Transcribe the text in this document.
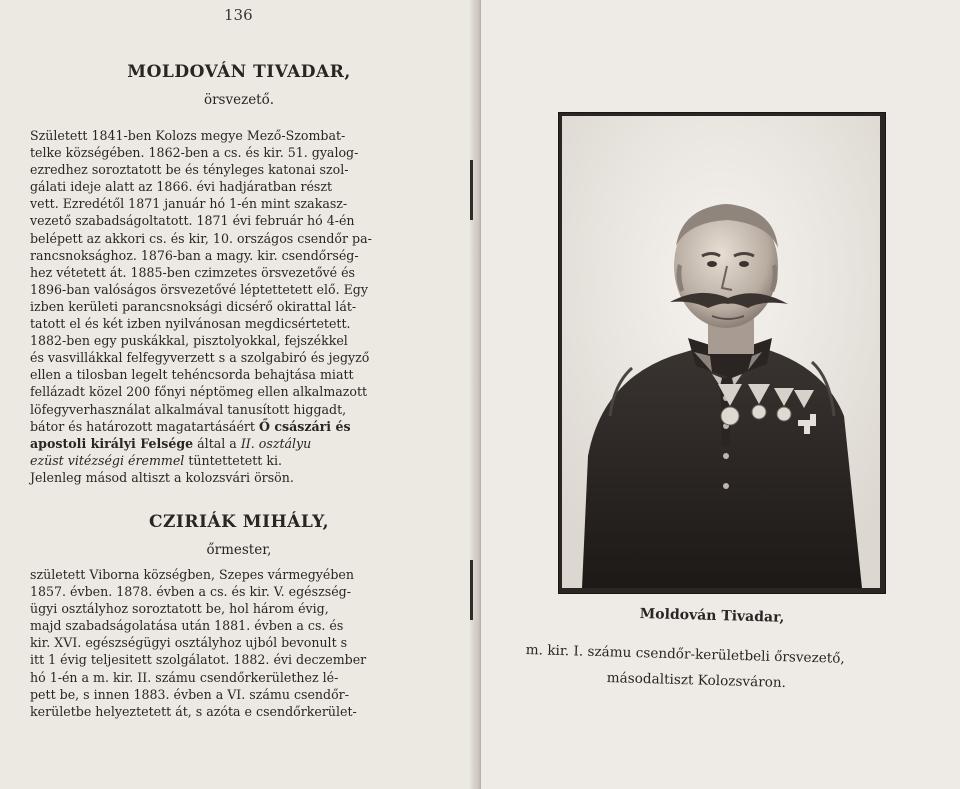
136
MOLDOVÁN TIVADAR,
örsvezető.
Született 1841-ben Kolozs megye Mező-Szombat-
telke községében. 1862-ben a cs. és kir. 51. gyalog-
ezredhez soroztatott be és tényleges katonai szol-
gálati ideje alatt az 1866. évi hadjáratban részt
vett. Ezredétől 1871 január hó 1-én mint szakasz-
vezető szabadságoltatott. 1871 évi február hó 4-én
belépett az akkori cs. és kir, 10. országos csendőr pa-
rancsnoksághoz. 1876-ban a magy. kir. csendőrség-
hez vétetett át. 1885-ben czimzetes örsvezetővé és
1896-ban valóságos örsvezetővé léptettetett elő. Egy
izben kerületi parancsnoksági dicsérő okirattal lát-
tatott el és két izben nyilvánosan megdicsértetett.
1882-ben egy puskákkal, pisztolyokkal, fejszékkel
és vasvillákkal felfegyverzett s a szolgabiró és jegyző
ellen a tilosban legelt tehéncsorda behajtása miatt
fellázadt közel 200 főnyi néptömeg ellen alkalmazott
löfegyverhasználat alkalmával tanusított higgadt,
bátor és határozott magatartásáért Ő császári és
apostoli királyi Felsége által a II. osztályu
ezüst vitézségi éremmel tüntettetett ki.
Jelenleg másod altiszt a kolozsvári örsön.
CZIRIÁK MIHÁLY,
őrmester,
született Viborna községben, Szepes vármegyében
1857. évben. 1878. évben a cs. és kir. V. egészség-
ügyi osztályhoz soroztatott be, hol három évig,
majd szabadságolatása után 1881. évben a cs. és
kir. XVI. egészségügyi osztályhoz ujból bevonult s
itt 1 évig teljesitett szolgálatot. 1882. évi deczember
hó 1-én a m. kir. II. számu csendőrkerülethez lé-
pett be, s innen 1883. évben a VI. számu csendőr-
kerületbe helyeztetett át, s azóta e csendőrkerület-
Moldován Tivadar,
m. kir. I. számu csendőr-kerületbeli őrsvezető,
másodaltiszt Kolozsváron.
